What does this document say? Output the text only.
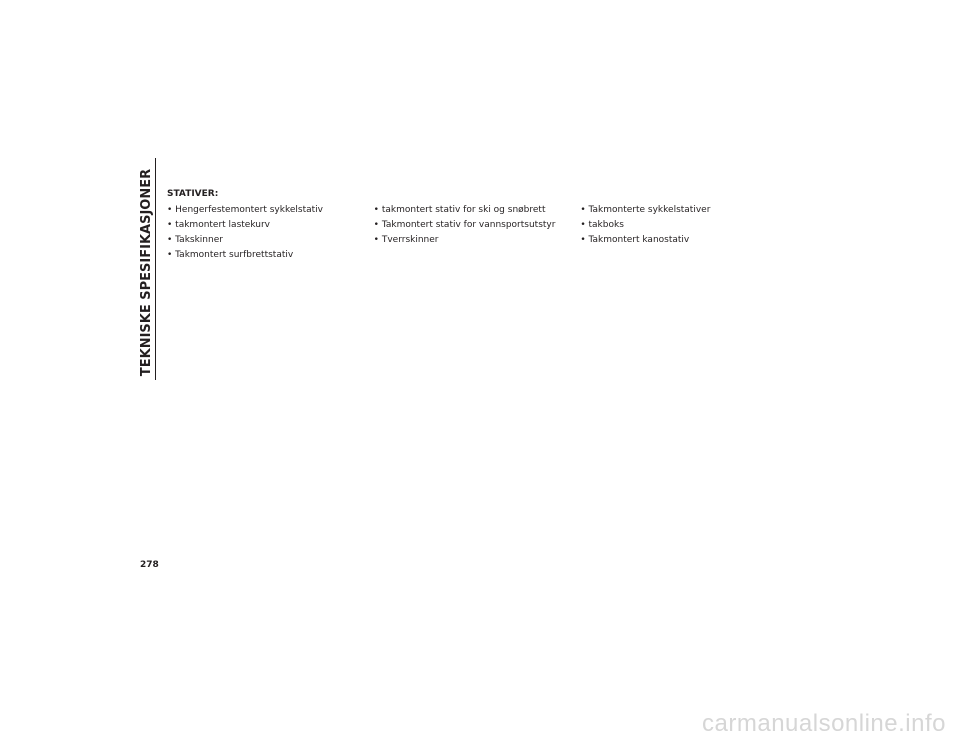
TEKNISKE SPESIFIKASJONER STATIVER:
• Hengerfestemontert sykkelstativ
• takmontert lastekurv
• Takskinner
• Takmontert surfbrettstativ
• takmontert stativ for ski og snøbrett
• Takmontert stativ for vannsportsutstyr
• Tverrskinner
• Takmonterte sykkelstativer
• takboks
• Takmontert kanostativ
278
carmanualsonline.info
